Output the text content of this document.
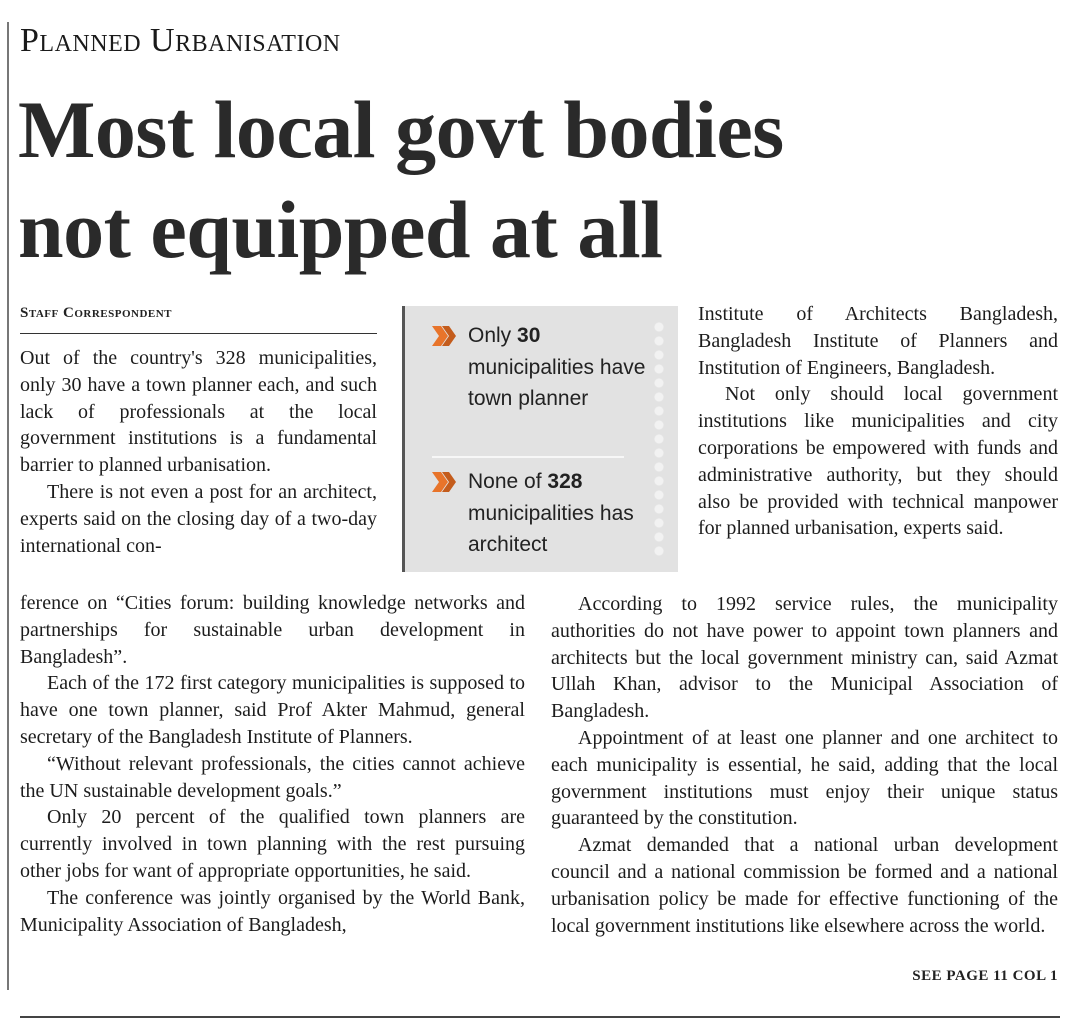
Planned Urbanisation
Most local govt bodies
not equipped at all
Staff Correspondent

Out of the country's 328 municipalities, only 30 have a town planner each, and such lack of professionals at the local government institutions is a fundamental barrier to planned urbanisation.

There is not even a post for an architect, experts said on the closing day of a two-day international con-

Only 30 municipalities have town planner
None of 328 municipalities has architect

ference on “Cities forum: building knowledge networks and partnerships for sustainable urban development in Bangladesh”.

Each of the 172 first category municipalities is supposed to have one town planner, said Prof Akter Mahmud, general secretary of the Bangladesh Institute of Planners.

“Without relevant professionals, the cities cannot achieve the UN sustainable development goals.”

Only 20 percent of the qualified town planners are currently involved in town planning with the rest pursuing other jobs for want of appropriate opportunities, he said.

The conference was jointly organised by the World Bank, Municipality Association of Bangladesh,

Institute of Architects Bangladesh, Bangladesh Institute of Planners and Institution of Engineers, Bangladesh.

Not only should local government institutions like municipalities and city corporations be empowered with funds and administrative authority, but they should also be provided with technical manpower for planned urbanisation, experts said.

According to 1992 service rules, the municipality authorities do not have power to appoint town planners and architects but the local government ministry can, said Azmat Ullah Khan, advisor to the Municipal Association of Bangladesh.

Appointment of at least one planner and one architect to each municipality is essential, he said, adding that the local government institutions must enjoy their unique status guaranteed by the constitution.

Azmat demanded that a national urban development council and a national commission be formed and a national urbanisation policy be made for effective functioning of the local government institutions like elsewhere across the world.

SEE PAGE 11 COL 1
